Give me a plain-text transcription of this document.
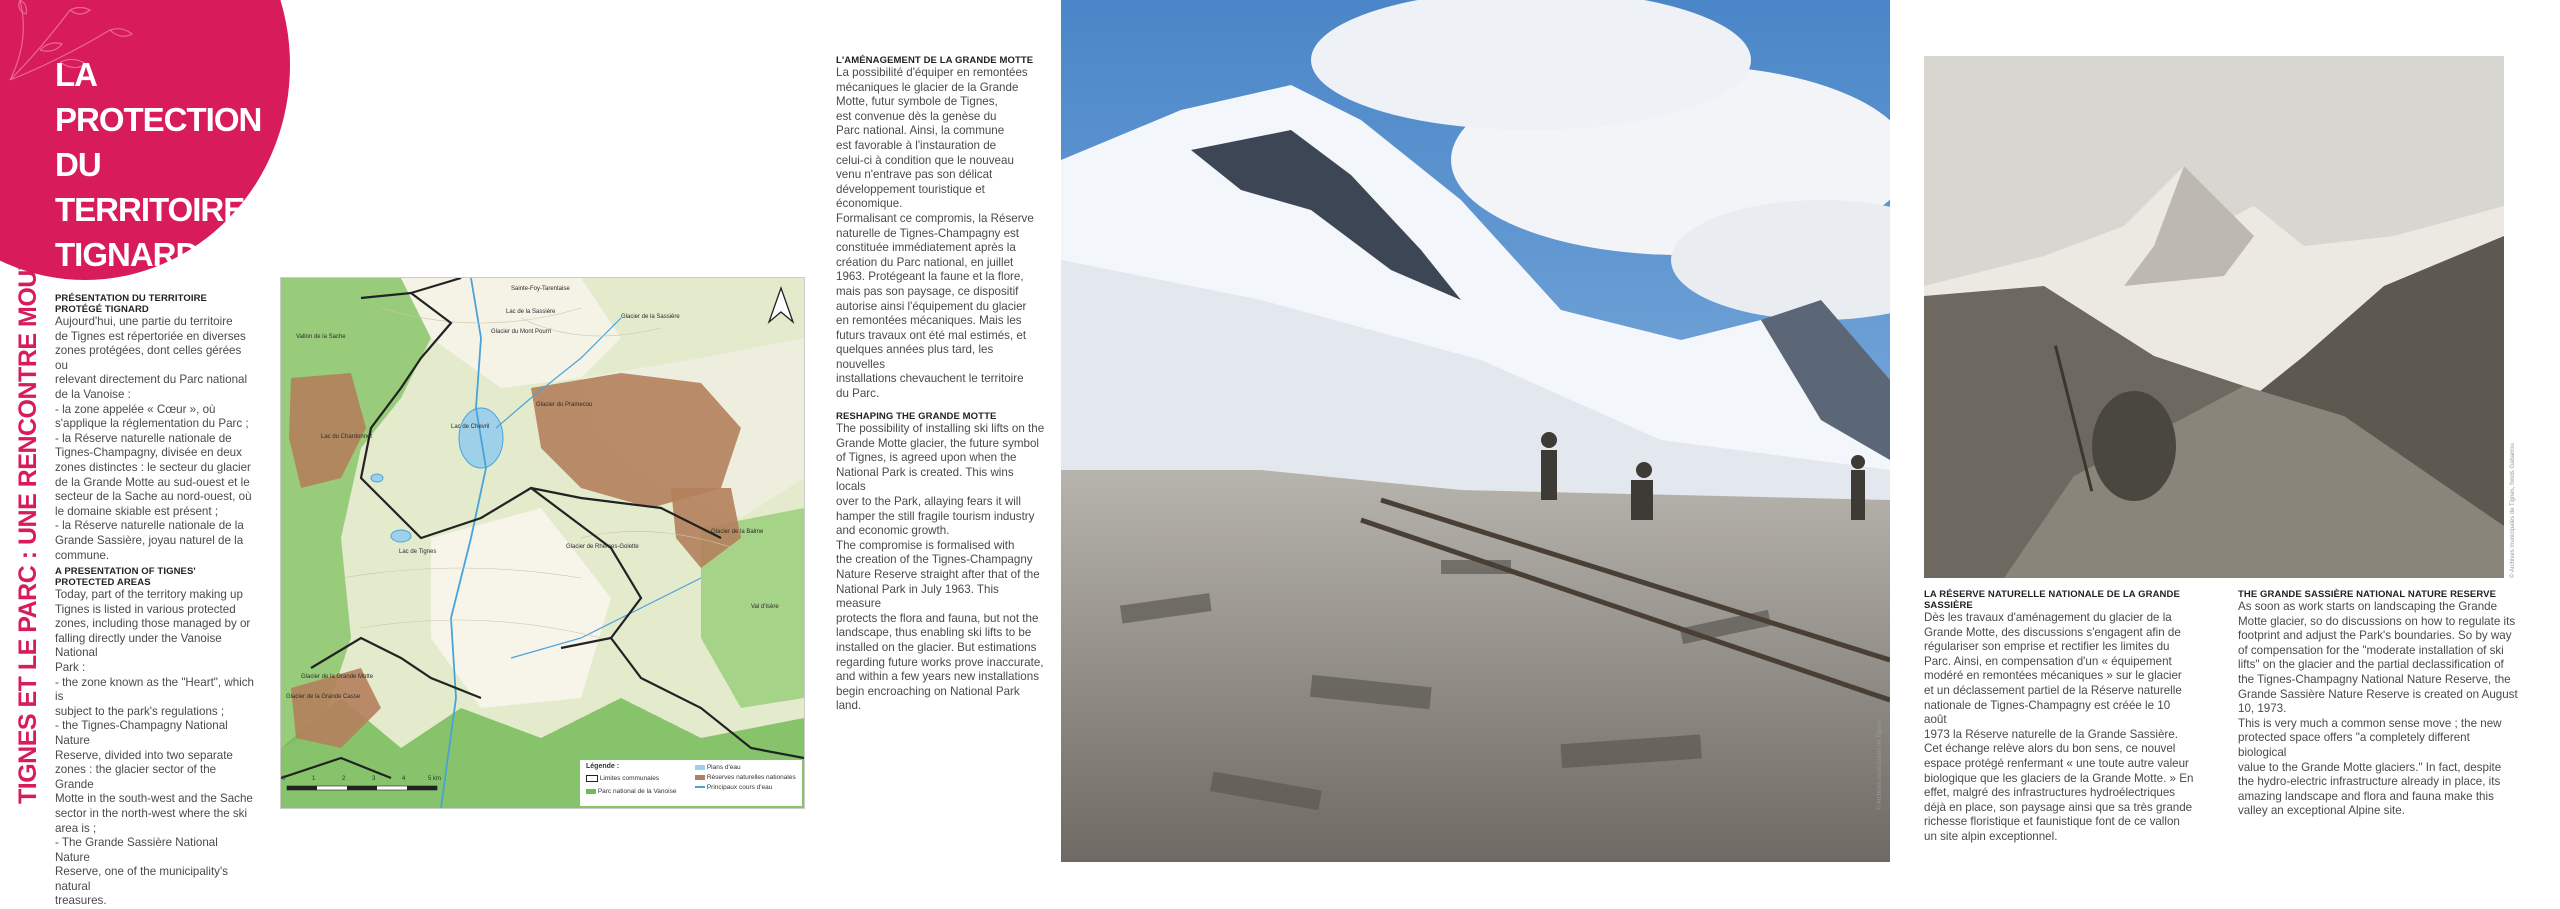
LA PROTECTION
DU TERRITOIRE
TIGNARD
TIGNES ET LE PARC : UNE RENCONTRE MOUVEMENTÉE PRÉSENTATION DU TERRITOIRE PROTÉGÉ TIGNARD

Aujourd'hui, une partie du territoire

de Tignes est répertoriée en diverses

zones protégées, dont celles gérées ou

relevant directement du Parc national

de la Vanoise :

- la zone appelée « Cœur », où

s'applique la réglementation du Parc ;

- la Réserve naturelle nationale de

Tignes-Champagny, divisée en deux

zones distinctes : le secteur du glacier

de la Grande Motte au sud-ouest et le

secteur de la Sache au nord-ouest, où

le domaine skiable est présent ;

- la Réserve naturelle nationale de la

Grande Sassière, joyau naturel de la

commune.

A PRESENTATION OF TIGNES' PROTECTED AREAS

Today, part of the territory making up

Tignes is listed in various protected

zones, including those managed by or

falling directly under the Vanoise National

Park :

- the zone known as the "Heart", which is

subject to the park's regulations ;

- the Tignes-Champagny National Nature

Reserve, divided into two separate

zones : the glacier sector of the Grande

Motte in the south-west and the Sache

sector in the north-west where the ski

area is ;

- The Grande Sassière National Nature

Reserve, one of the municipality's natural

treasures.

Vallon de la Sache
Glacier de la Sassière
Lac de Chevril
Lac de Tignes
Glacier de la Grande Motte
Glacier du Pramecou
Lac de la Sassière
Glacier de Rhêmes-Golette
Glacier de la Grande Casse
Sainte-Foy-Tarentaise
Glacier du Mont Pourri
Val d'Isère
Lac du Chardonnet
Glacier de la Balme
0	1	2	3	4	5 km
Légende :
Limites communales
Parc national de la Vanoise
Plans d'eau
Réserves naturelles nationales
Principaux cours d'eau
L'AMÉNAGEMENT DE LA GRANDE MOTTE

La possibilité d'équiper en remontées

mécaniques le glacier de la Grande

Motte, futur symbole de Tignes,

est convenue dès la genèse du

Parc national. Ainsi, la commune

est favorable à l'instauration de

celui-ci à condition que le nouveau

venu n'entrave pas son délicat

développement touristique et

économique.

Formalisant ce compromis, la Réserve

naturelle de Tignes-Champagny est

constituée immédiatement après la

création du Parc national, en juillet

1963. Protégeant la faune et la flore,

mais pas son paysage, ce dispositif

autorise ainsi l'équipement du glacier

en remontées mécaniques. Mais les

futurs travaux ont été mal estimés, et

quelques années plus tard, les nouvelles

installations chevauchent le territoire

du Parc.

RESHAPING THE GRANDE MOTTE

The possibility of installing ski lifts on the

Grande Motte glacier, the future symbol

of Tignes, is agreed upon when the

National Park is created. This wins locals

over to the Park, allaying fears it will

hamper the still fragile tourism industry

and economic growth.

The compromise is formalised with

the creation of the Tignes-Champagny

Nature Reserve straight after that of the

National Park in July 1963. This measure

protects the flora and fauna, but not the

landscape, thus enabling ski lifts to be

installed on the glacier. But estimations

regarding future works prove inaccurate,

and within a few years new installations

begin encroaching on National Park land.

© Archives municipales de Tignes
© Archives municipales de Tignes, fonds Gabarrou
LA RÉSERVE NATURELLE NATIONALE DE LA GRANDE SASSIÈRE

Dès les travaux d'aménagement du glacier de la

Grande Motte, des discussions s'engagent afin de

régulariser son emprise et rectifier les limites du

Parc. Ainsi, en compensation d'un « équipement

modéré en remontées mécaniques » sur le glacier

et un déclassement partiel de la Réserve naturelle

nationale de Tignes-Champagny est créée le 10 août

1973 la Réserve naturelle de la Grande Sassière.

Cet échange relève alors du bon sens, ce nouvel

espace protégé renfermant « une toute autre valeur

biologique que les glaciers de la Grande Motte. » En

effet, malgré des infrastructures hydroélectriques

déjà en place, son paysage ainsi que sa très grande

richesse floristique et faunistique font de ce vallon

un site alpin exceptionnel.

THE GRANDE SASSIÈRE NATIONAL NATURE RESERVE

As soon as work starts on landscaping the Grande

Motte glacier, so do discussions on how to regulate its

footprint and adjust the Park's boundaries. So by way

of compensation for the "moderate installation of ski

lifts" on the glacier and the partial declassification of

the Tignes-Champagny National Nature Reserve, the

Grande Sassière Nature Reserve is created on August

10, 1973.

This is very much a common sense move ; the new

protected space offers "a completely different biological

value to the Grande Motte glaciers." In fact, despite

the hydro-electric infrastructure already in place, its

amazing landscape and flora and fauna make this

valley an exceptional Alpine site.
